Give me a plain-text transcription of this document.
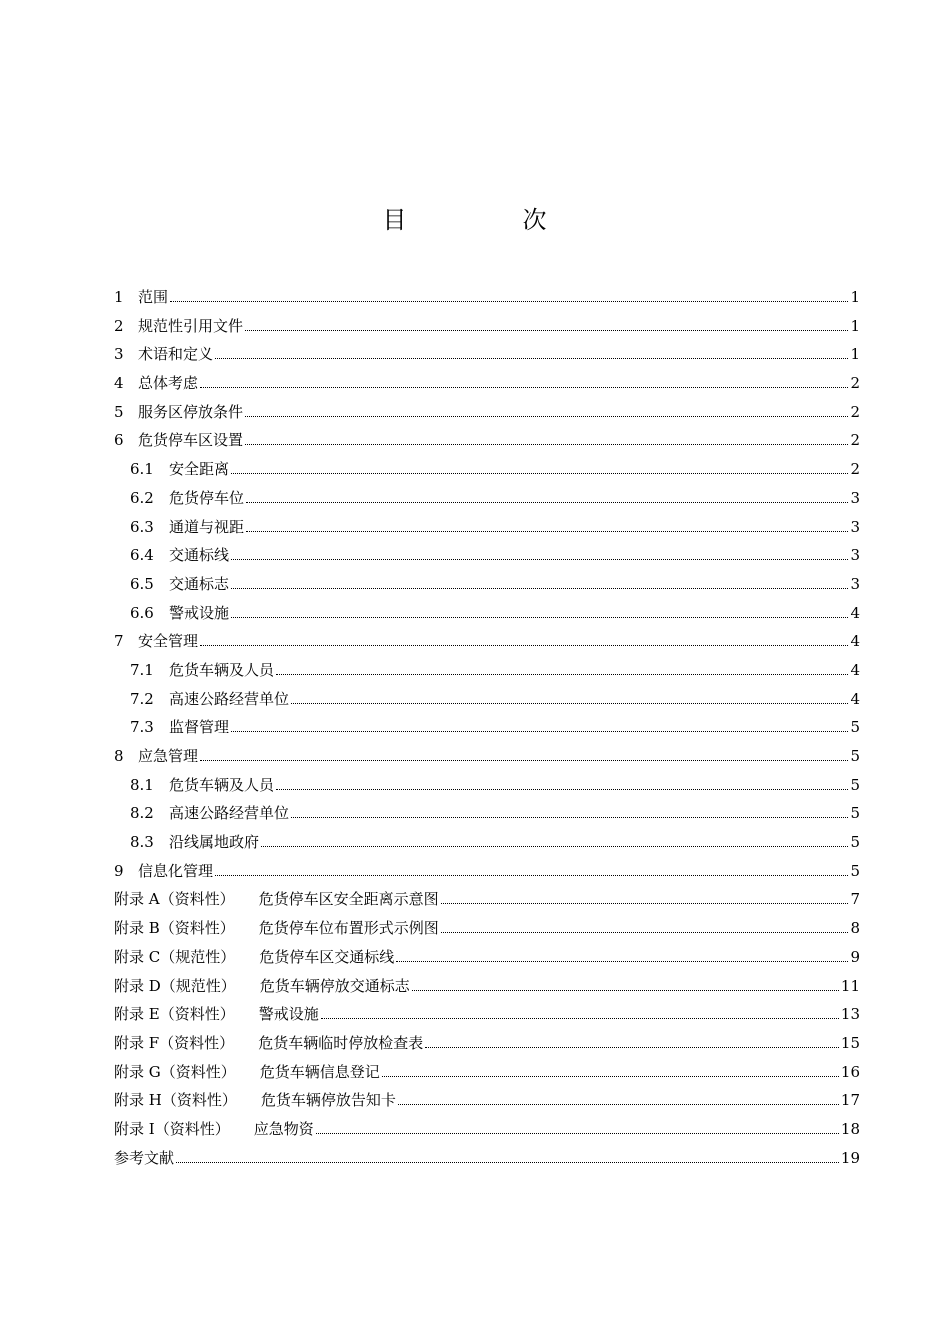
目　次
1 范围	1
2 规范性引用文件	1
3 术语和定义	1
4 总体考虑	2
5 服务区停放条件	2
6 危货停车区设置	2
6.1	安全距离	2
6.2	危货停车位	3
6.3	通道与视距	3
6.4	交通标线	3
6.5	交通标志	3
6.6	警戒设施	4
7 安全管理	4
7.1	危货车辆及人员	4
7.2	高速公路经营单位	4
7.3	监督管理	5
8 应急管理	5
8.1	危货车辆及人员	5
8.2	高速公路经营单位	5
8.3	沿线属地政府	5
9 信息化管理	5
附录 A（资料性） 危货停车区安全距离示意图	7
附录 B（资料性） 危货停车位布置形式示例图	8
附录 C（规范性） 危货停车区交通标线	9
附录 D（规范性） 危货车辆停放交通标志	11
附录 E（资料性） 警戒设施	13
附录 F（资料性） 危货车辆临时停放检查表	15
附录 G（资料性） 危货车辆信息登记	16
附录 H（资料性） 危货车辆停放告知卡	17
附录 I（资料性） 应急物资	18
参考文献	19
